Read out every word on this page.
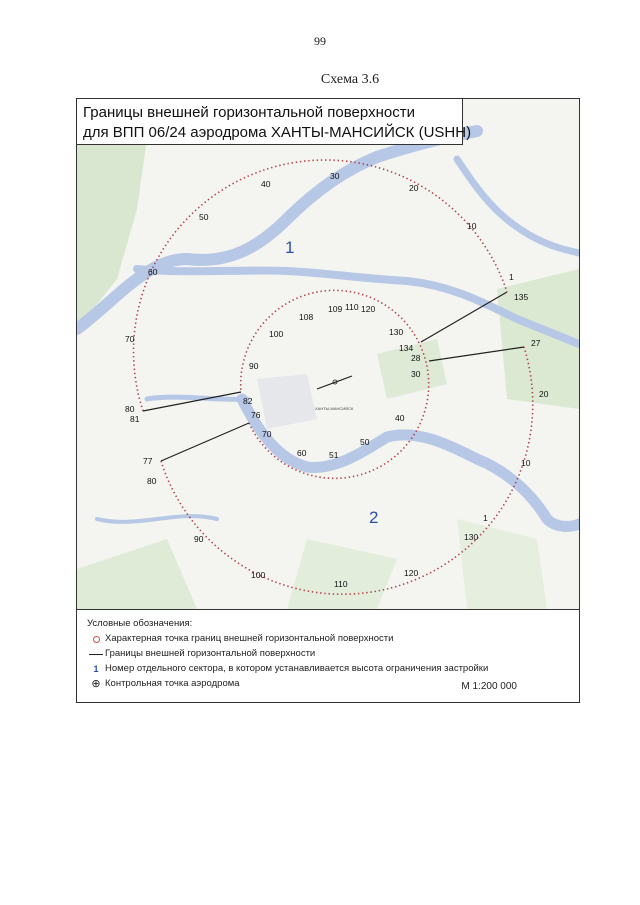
99
Схема 3.6
ХАНТЫ-МАНСИЙСК
1
2
30
20
10
1
135
27
20
10
1
130
120
110
100
90
80
77
81
80
70
60
50
40
109 110 120
108
100	130
134
28
30
90
82
76	40
50
70
60	51
Границы внешней горизонтальной поверхности
для ВПП 06/24 аэродрома ХАНТЫ-МАНСИЙСК (USHH)
Условные обозначения:
Характерная точка границ внешней горизонтальной поверхности
Границы внешней горизонтальной поверхности
1 Номер отдельного сектора, в котором устанавливается высота ограничения застройки
⊕ Контрольная точка аэродрома	М 1:200 000
